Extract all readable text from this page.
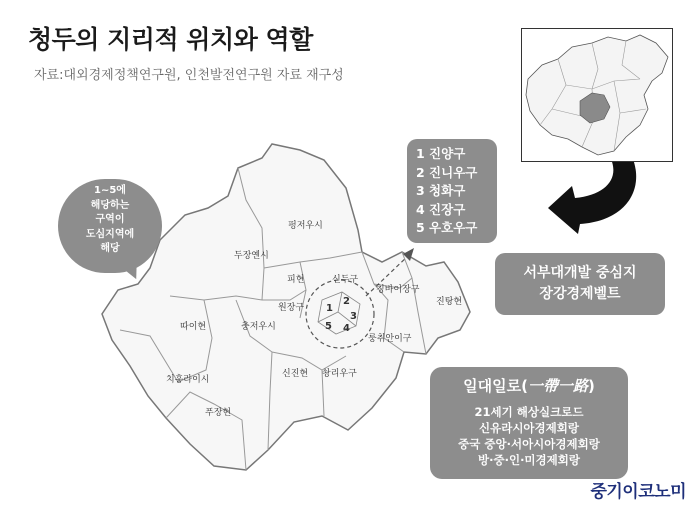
청두의 지리적 위치와 역할
자료:대외경제정책연구원, 인천발전연구원 자료 재구성
1
2
3
4
5
펑저우시
두장옌시
피현	신두구
칭바이장구
진탕현
원장구
룽취안이구
따이현	충저우시
신진현 솽리우구
치훙라이시
푸장현
1 진양구
2 진니우구
3 청화구
4 진장구
5 우호우구
1~5에
해당하는
구역이
도심지역에
해당
서부대개발 중심지
장강경제벨트
일대일로(一帶一路)
21세기 해상실크로드
신유라시아경제회랑
중국 중앙·서아시아경제회랑
방·중·인·미경제회랑
중기이코노미
